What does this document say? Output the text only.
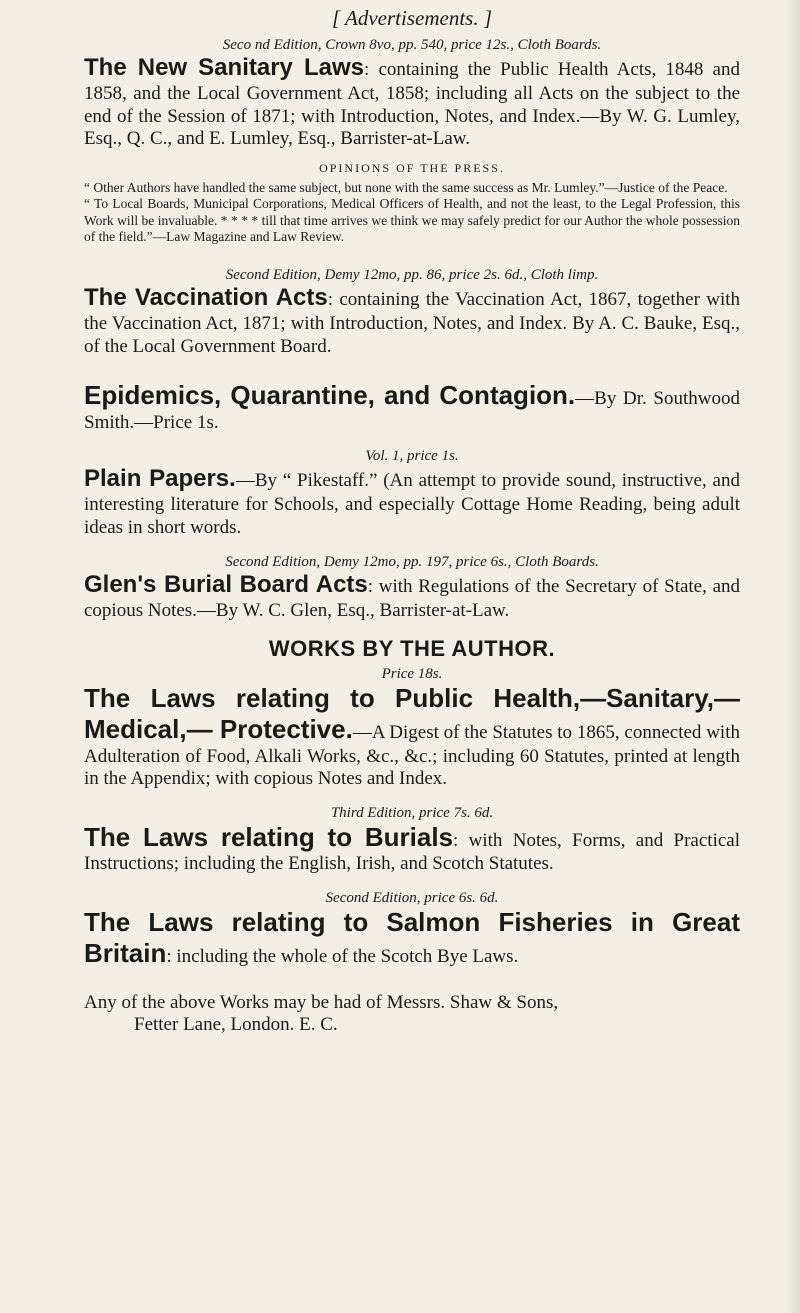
[ Advertisements. ]

Seco nd Edition, Crown 8vo, pp. 540, price 12s., Cloth Boards.

The New Sanitary Laws: containing the Public Health Acts, 1848 and 1858, and the Local Government Act, 1858; including all Acts on the subject to the end of the Session of 1871; with Introduction, Notes, and Index.—By W. G. Lumley, Esq., Q. C., and E. Lumley, Esq., Barrister-at-Law.

OPINIONS OF THE PRESS.

“ Other Authors have handled the same subject, but none with the same success as Mr. Lumley.”—Justice of the Peace.

“ To Local Boards, Municipal Corporations, Medical Officers of Health, and not the least, to the Legal Profession, this Work will be invaluable. * * * * till that time arrives we think we may safely predict for our Author the whole possession of the field.”—Law Magazine and Law Review.

Second Edition, Demy 12mo, pp. 86, price 2s. 6d., Cloth limp.

The Vaccination Acts: containing the Vaccination Act, 1867, together with the Vaccination Act, 1871; with Introduction, Notes, and Index. By A. C. Bauke, Esq., of the Local Government Board.

Epidemics, Quarantine, and Contagion.—By Dr. Southwood Smith.—Price 1s.

Vol. 1, price 1s.

Plain Papers.—By “ Pikestaff.” (An attempt to provide sound, instructive, and interesting literature for Schools, and especially Cottage Home Reading, being adult ideas in short words.

Second Edition, Demy 12mo, pp. 197, price 6s., Cloth Boards.

Glen's Burial Board Acts: with Regulations of the Secretary of State, and copious Notes.—By W. C. Glen, Esq., Barrister-at-Law.

WORKS BY THE AUTHOR.

Price 18s.

The Laws relating to Public Health,—Sanitary,—Medical,— Protective.—A Digest of the Statutes to 1865, connected with Adulteration of Food, Alkali Works, &c., &c.; including 60 Statutes, printed at length in the Appendix; with copious Notes and Index.

Third Edition, price 7s. 6d.

The Laws relating to Burials: with Notes, Forms, and Practical Instructions; including the English, Irish, and Scotch Statutes.

Second Edition, price 6s. 6d.

The Laws relating to Salmon Fisheries in Great Britain: including the whole of the Scotch Bye Laws.

Any of the above Works may be had of Messrs. Shaw & Sons,
Fetter Lane, London. E. C.
